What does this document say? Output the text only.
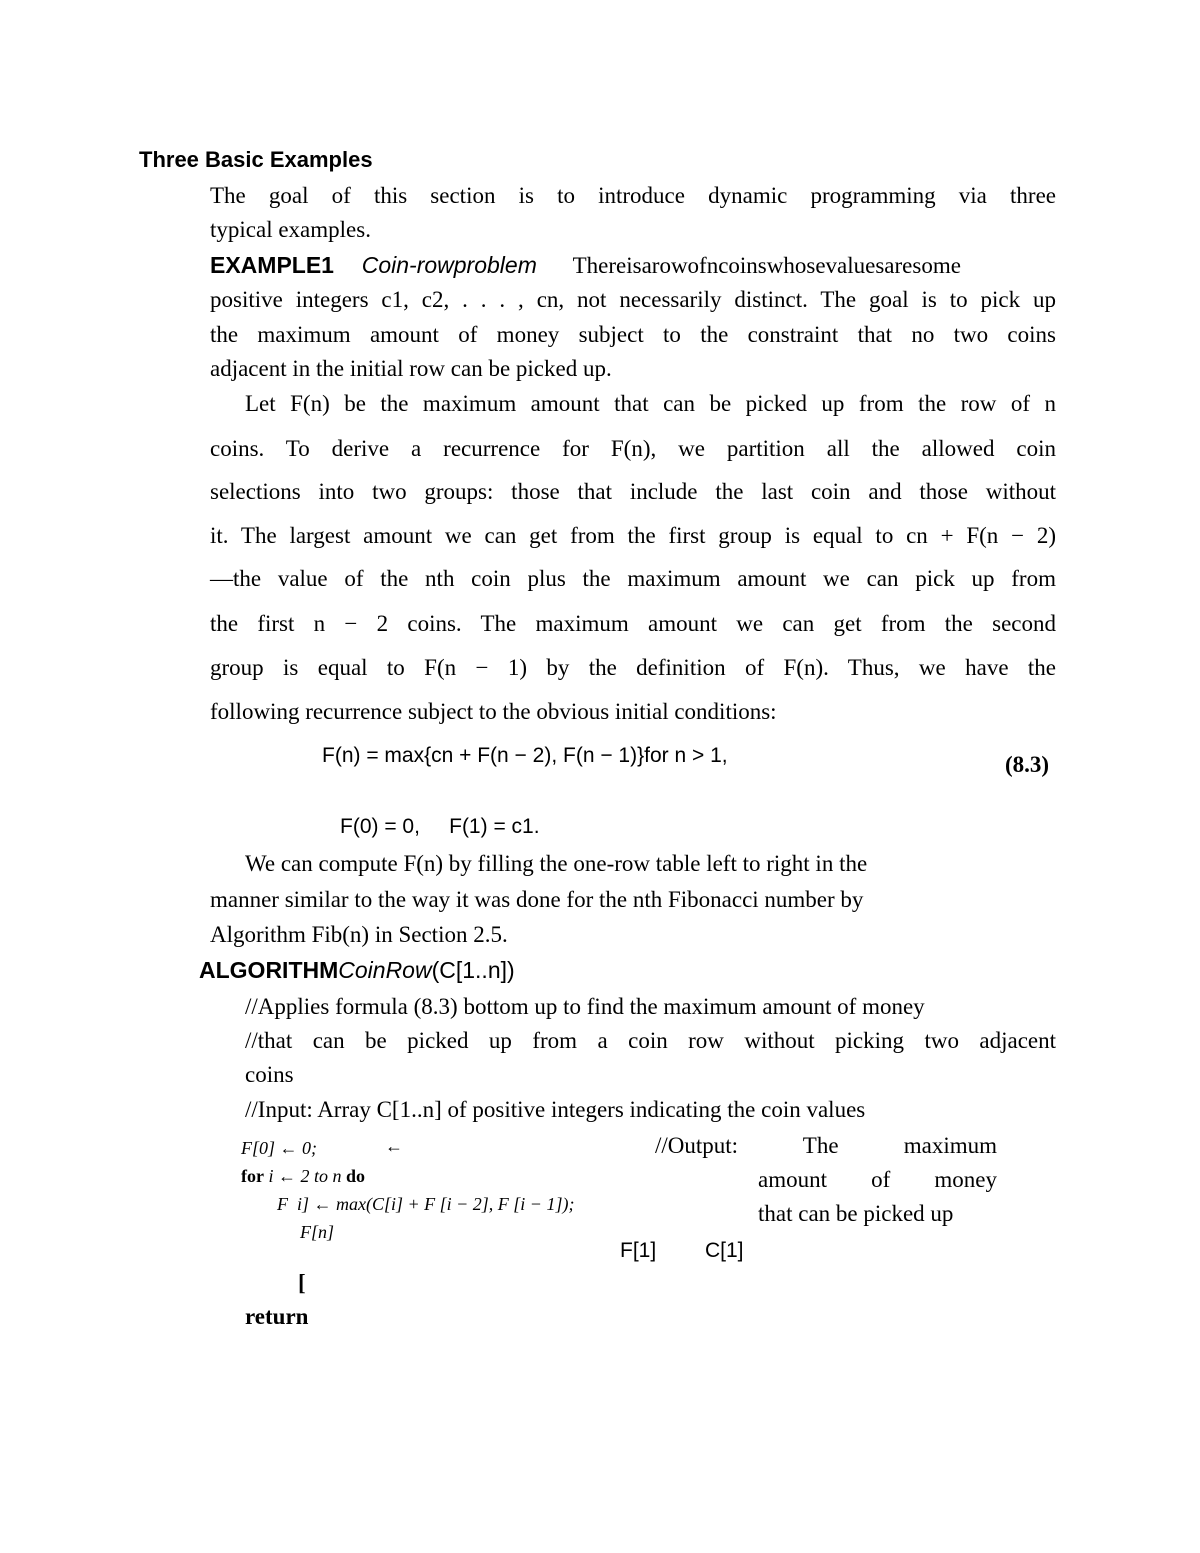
Three Basic Examples
The goal of this section is to introduce dynamic programming via three
typical examples.
EXAMPLE1 Coin-rowproblem Thereisarowofncoinswhosevaluesaresome
positive integers c1, c2, . . . , cn, not necessarily distinct. The goal is to pick up
the maximum amount of money subject to the constraint that no two coins
adjacent in the initial row can be picked up.
Let F(n) be the maximum amount that can be picked up from the row of n
coins. To derive a recurrence for F(n), we partition all the allowed coin
selections into two groups: those that include the last coin and those without
it. The largest amount we can get from the first group is equal to cn + F(n − 2)
—the value of the nth coin plus the maximum amount we can pick up from
the first n − 2 coins. The maximum amount we can get from the second
group is equal to F(n − 1) by the definition of F(n). Thus, we have the
following recurrence subject to the obvious initial conditions:
F(n) = max{cn + F(n − 2), F(n − 1)}for n > 1,	(8.3)
F(0) = 0,     F(1) = c1.
We can compute F(n) by filling the one-row table left to right in the
manner similar to the way it was done for the nth Fibonacci number by
Algorithm Fib(n) in Section 2.5.
ALGORITHMCoinRow(C[1..n])
//Applies formula (8.3) bottom up to find the maximum amount of money
//that can be picked up from a coin row without picking two adjacent
coins
//Input: Array C[1..n] of positive integers indicating the coin values
//Output: The maximum
amount of money
that can be picked up
F[0] ← 0;	←
for i ← 2 to n do
F  i] ← max(C[i] + F [i − 2], F [i − 1]);
F[n]
F[1] C[1]
[
return
